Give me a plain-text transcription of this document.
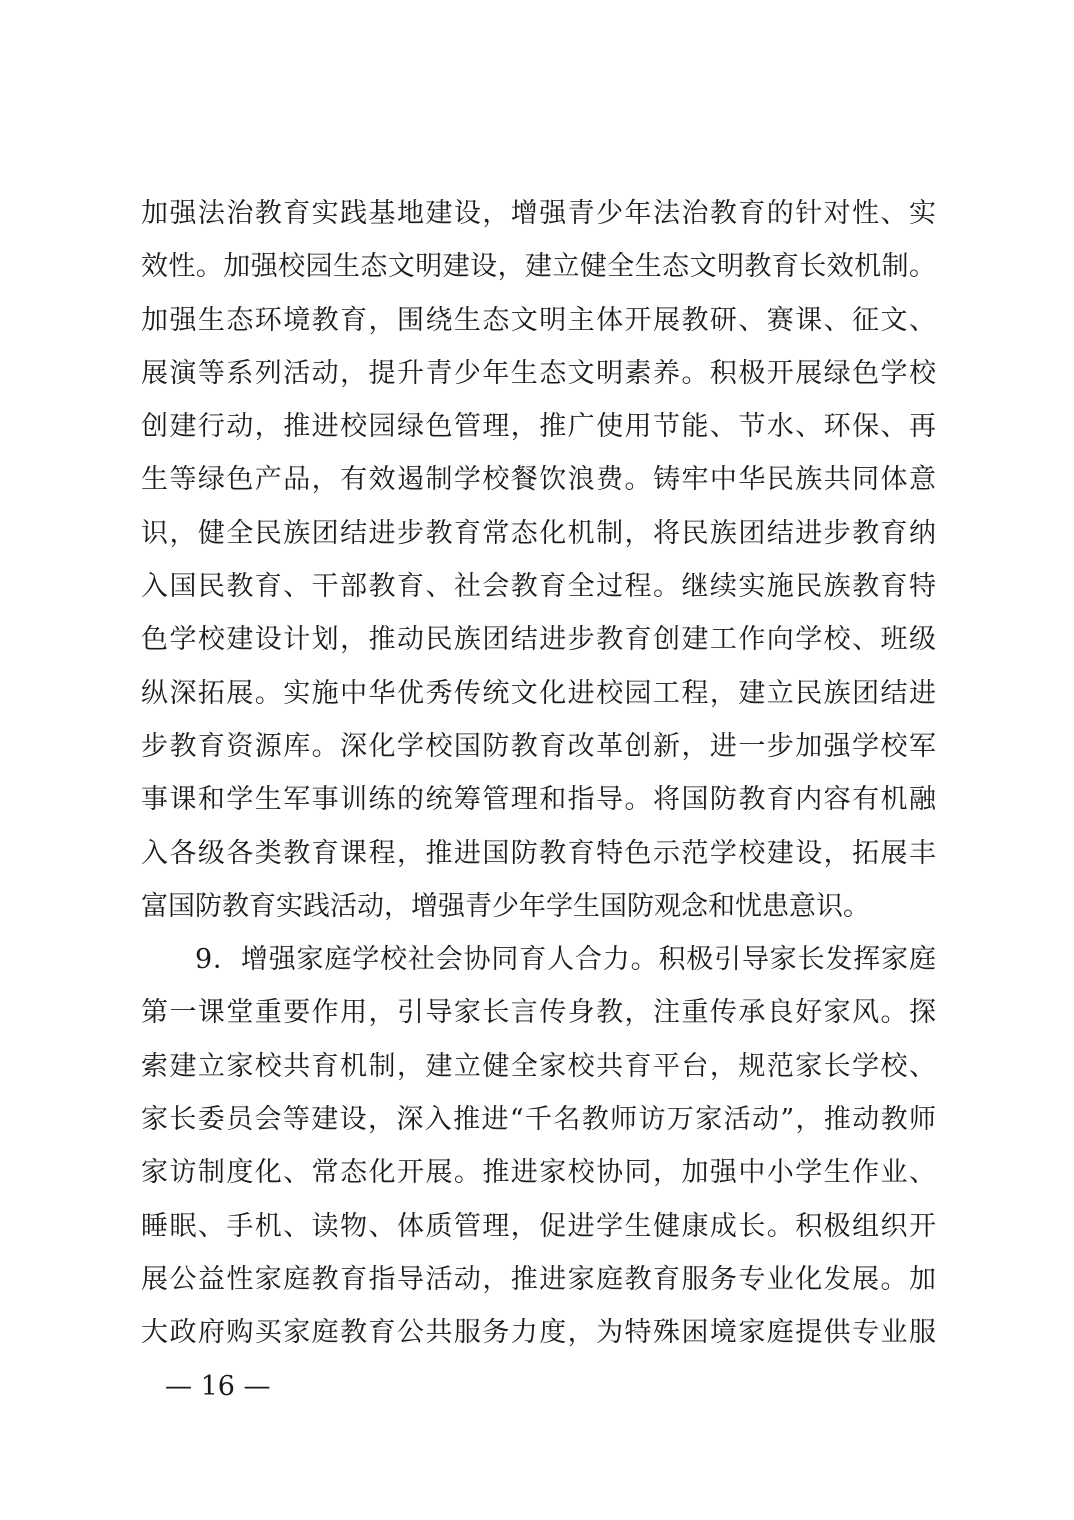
加强法治教育实践基地建设，增强青少年法治教育的针对性、实
效性。加强校园生态文明建设，建立健全生态文明教育长效机制。
加强生态环境教育，围绕生态文明主体开展教研、赛课、征文、
展演等系列活动，提升青少年生态文明素养。积极开展绿色学校
创建行动，推进校园绿色管理，推广使用节能、节水、环保、再
生等绿色产品，有效遏制学校餐饮浪费。铸牢中华民族共同体意
识，健全民族团结进步教育常态化机制，将民族团结进步教育纳
入国民教育、干部教育、社会教育全过程。继续实施民族教育特
色学校建设计划，推动民族团结进步教育创建工作向学校、班级
纵深拓展。实施中华优秀传统文化进校园工程，建立民族团结进
步教育资源库。深化学校国防教育改革创新，进一步加强学校军
事课和学生军事训练的统筹管理和指导。将国防教育内容有机融
入各级各类教育课程，推进国防教育特色示范学校建设，拓展丰
富国防教育实践活动，增强青少年学生国防观念和忧患意识。
9．增强家庭学校社会协同育人合力。积极引导家长发挥家庭
第一课堂重要作用，引导家长言传身教，注重传承良好家风。探
索建立家校共育机制，建立健全家校共育平台，规范家长学校、
家长委员会等建设，深入推进“千名教师访万家活动”，推动教师
家访制度化、常态化开展。推进家校协同，加强中小学生作业、
睡眠、手机、读物、体质管理，促进学生健康成长。积极组织开
展公益性家庭教育指导活动，推进家庭教育服务专业化发展。加
大政府购买家庭教育公共服务力度，为特殊困境家庭提供专业服
— 16 —
